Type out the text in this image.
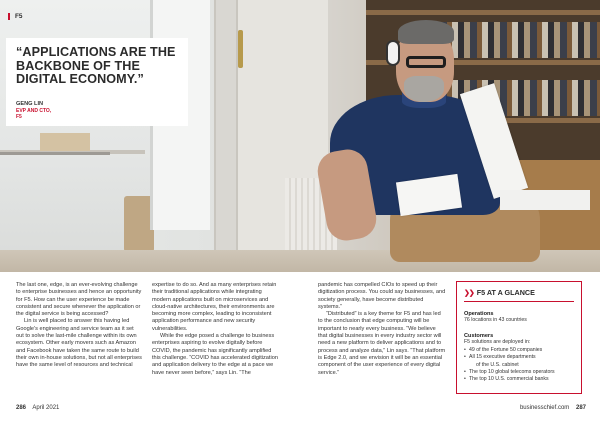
F5
“APPLICATIONS ARE THE BACKBONE OF THE DIGITAL ECONOMY.”
GENG LIN
EVP AND CTO,
F5

The last one, edge, is an ever-evolving challenge to enterprise businesses and hence an opportunity for F5. How can the user experience be made consistent and secure whenever the application or the digital service is being accessed?

Lin is well placed to answer this having led Google's engineering and service team as it set out to solve the last-mile challenge within its own ecosystem. Other early movers such as Amazon and Facebook have taken the same route to build their own in-house solutions, but not all enterprises have the same level of resources and technical

expertise to do so. And as many enterprises retain their traditional applications while integrating modern applications built on microservices and cloud-native architectures, their environments are becoming more complex, leading to inconsistent application performance and new security vulnerabilities.

While the edge posed a challenge to business enterprises aspiring to evolve digitally before COVID, the pandemic has significantly amplified this challenge. “COVID has accelerated digitization and application delivery to the edge at a pace we have never seen before,” says Lin. “The

pandemic has compelled CIOs to speed up their digitization process. You could say businesses, and society generally, have become distributed systems.”

“Distributed” is a key theme for F5 and has led to the conclusion that edge computing will be important to nearly every business. “We believe that digital businesses in every industry sector will need a new platform to deliver applications and to process and analyze data,” Lin says. “That platform is Edge 2.0, and we envision it will be an essential component of the user experience of every digital service.”

❯❯ F5 AT A GLANCE
Operations
76 locations in 43 countries
Customers
F5 solutions are deployed in:
• 49 of the Fortune 50 companies
• All 15 executive departments
of the U.S. cabinet
• The top 10 global telecoms operators
• The top 10 U.S. commercial banks
286 April 2021	businesschief.com 287
